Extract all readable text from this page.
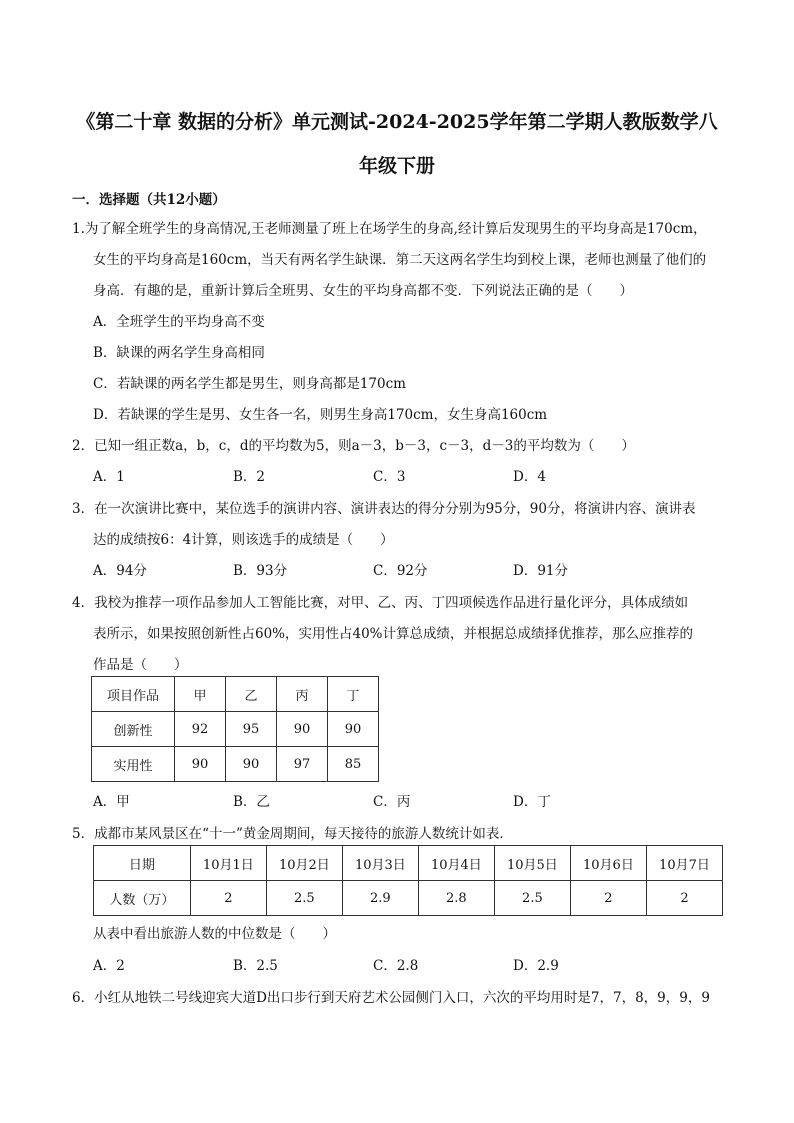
《第二十章 数据的分析》单元测试-2024-2025学年第二学期人教版数学八
年级下册
一．选择题（共12小题）
1.为了解全班学生的身高情况,王老师测量了班上在场学生的身高,经计算后发现男生的平均身高是170cm，
女生的平均身高是160cm，当天有两名学生缺课．第二天这两名学生均到校上课，老师也测量了他们的
身高．有趣的是，重新计算后全班男、女生的平均身高都不变．下列说法正确的是（　　）
A．全班学生的平均身高不变
B．缺课的两名学生身高相同
C．若缺课的两名学生都是男生，则身高都是170cm
D．若缺课的学生是男、女生各一名，则男生身高170cm，女生身高160cm
2．已知一组正数a，b，c，d的平均数为5，则a－3，b－3，c－3，d－3的平均数为（　　）
A．1	B．2	C．3	D．4
3．在一次演讲比赛中，某位选手的演讲内容、演讲表达的得分分别为95分，90分，将演讲内容、演讲表
达的成绩按6：4计算，则该选手的成绩是（　　）
A．94分	B．93分	C．92分	D．91分
4．我校为推荐一项作品参加人工智能比赛，对甲、乙、丙、丁四项候选作品进行量化评分，具体成绩如
表所示，如果按照创新性占60%，实用性占40%计算总成绩，并根据总成绩择优推荐，那么应推荐的
作品是（　　）
项目作品	甲	乙	丙	丁
创新性	92	95	90	90
实用性	90	90	97	85
A．甲	B．乙	C．丙	D．丁
5．成都市某风景区在“十一”黄金周期间，每天接待的旅游人数统计如表．
日期	10月1日	10月2日	10月3日	10月4日	10月5日	10月6日	10月7日
人数（万）	2	2.5	2.9	2.8	2.5	2	2
从表中看出旅游人数的中位数是（　　）
A．2	B．2.5	C．2.8	D．2.9
6．小红从地铁二号线迎宾大道D出口步行到天府艺术公园侧门入口，六次的平均用时是7，7，8，9，9，9
